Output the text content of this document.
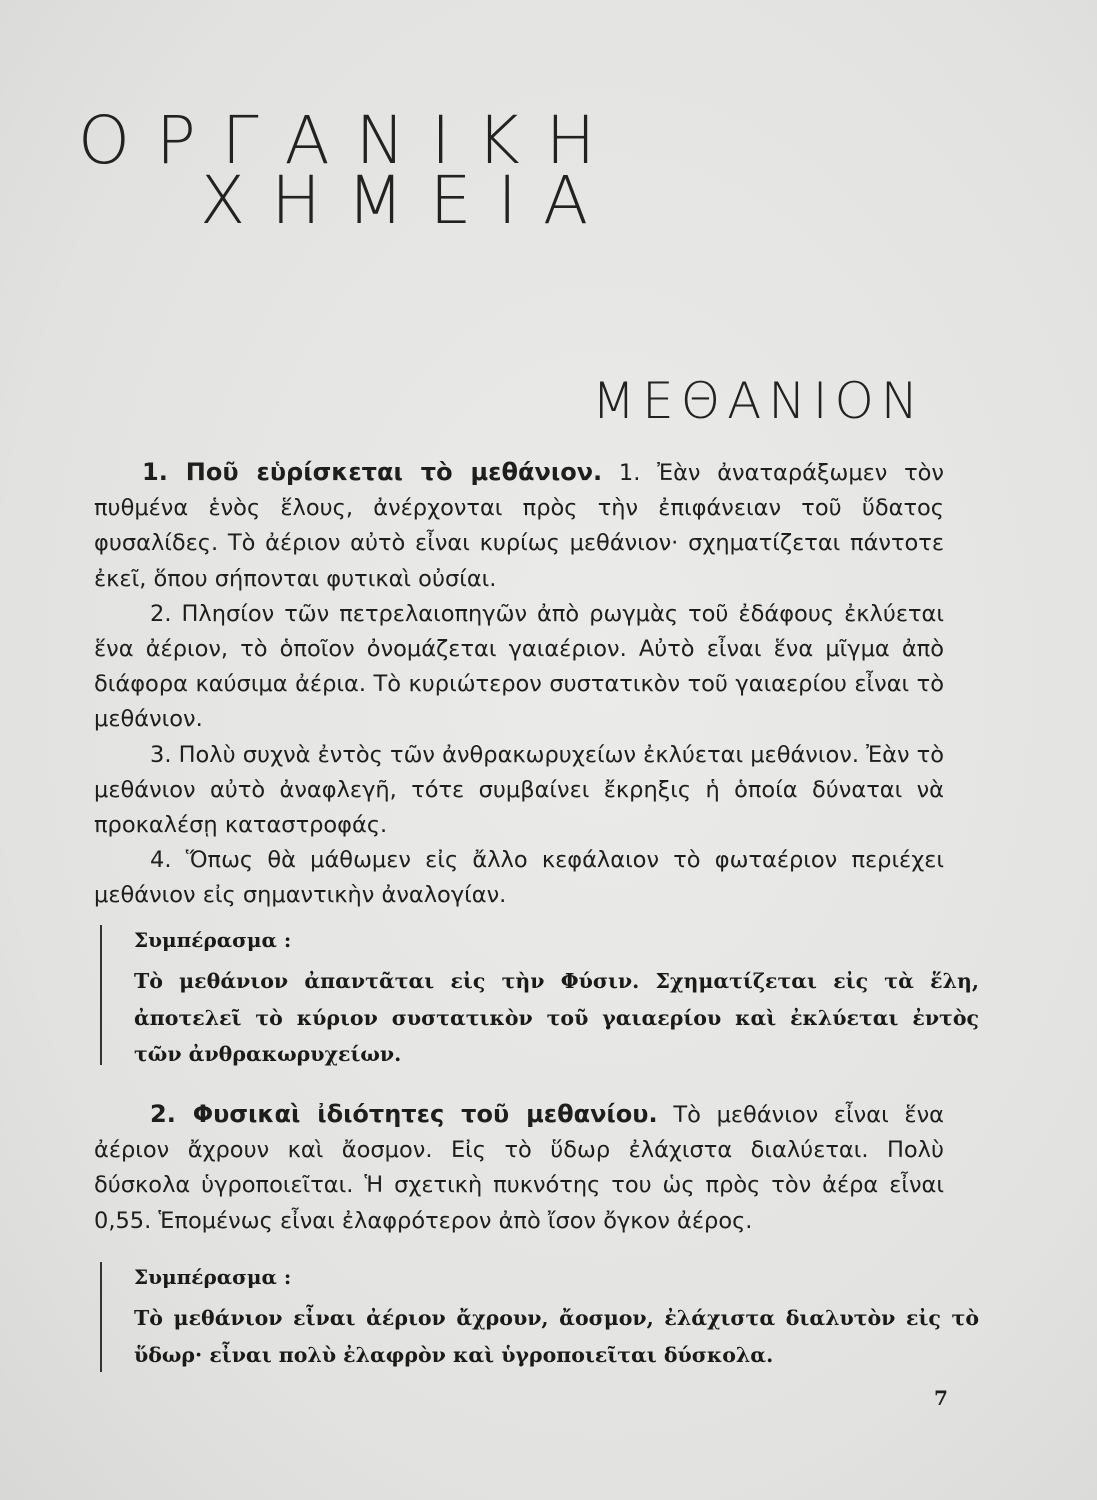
ΟΡΓΑΝΙΚΗ
ΧΗΜΕΙΑ
ΜΕΘΑΝΙΟΝ

1. Ποῦ εὑρίσκεται τὸ μεθάνιον. 1. Ἐὰν ἀναταράξωμεν τὸν πυθμένα ἑνὸς ἕλους, ἀνέρχονται πρὸς τὴν ἐπιφάνειαν τοῦ ὕδατος φυσαλίδες. Τὸ ἀέριον αὐτὸ εἶναι κυρίως μεθάνιον· σχηματίζεται πάντοτε ἐκεῖ, ὅπου σήπονται φυτικαὶ οὐσίαι.

2. Πλησίον τῶν πετρελαιοπηγῶν ἀπὸ ρωγμὰς τοῦ ἐδάφους ἐκλύεται ἕνα ἀέριον, τὸ ὁποῖον ὀνομάζεται γαιαέριον. Αὐτὸ εἶναι ἕνα μῖγμα ἀπὸ διάφορα καύσιμα ἀέρια. Τὸ κυριώτερον συστατικὸν τοῦ γαιαερίου εἶναι τὸ μεθάνιον.

3. Πολὺ συχνὰ ἐντὸς τῶν ἀνθρακωρυχείων ἐκλύεται μεθάνιον. Ἐὰν τὸ μεθάνιον αὐτὸ ἀναφλεγῆ, τότε συμβαίνει ἔκρηξις ἡ ὁποία δύναται νὰ προκαλέσῃ καταστροφάς.

4. Ὅπως θὰ μάθωμεν εἰς ἄλλο κεφάλαιον τὸ φωταέριον περιέχει μεθάνιον εἰς σημαντικὴν ἀναλογίαν.

Συμπέρασμα :
Τὸ μεθάνιον ἀπαντᾶται εἰς τὴν Φύσιν. Σχηματίζεται εἰς τὰ ἕλη, ἀποτελεῖ τὸ κύριον συστατικὸν τοῦ γαιαερίου καὶ ἐκλύεται ἐντὸς τῶν ἀνθρακωρυχείων.

2. Φυσικαὶ ἰδιότητες τοῦ μεθανίου. Τὸ μεθάνιον εἶναι ἕνα ἀέριον ἄχρουν καὶ ἄοσμον. Εἰς τὸ ὕδωρ ἐλάχιστα διαλύεται. Πολὺ δύσκολα ὑγροποιεῖται. Ἡ σχετικὴ πυκνότης του ὡς πρὸς τὸν ἀέρα εἶναι 0,55. Ἑπομένως εἶναι ἐλαφρότερον ἀπὸ ἴσον ὄγκον ἀέρος.

Συμπέρασμα :
Τὸ μεθάνιον εἶναι ἀέριον ἄχρουν, ἄοσμον, ἐλάχιστα διαλυτὸν εἰς τὸ ὕδωρ· εἶναι πολὺ ἐλαφρὸν καὶ ὑγροποιεῖται δύσκολα.
7
